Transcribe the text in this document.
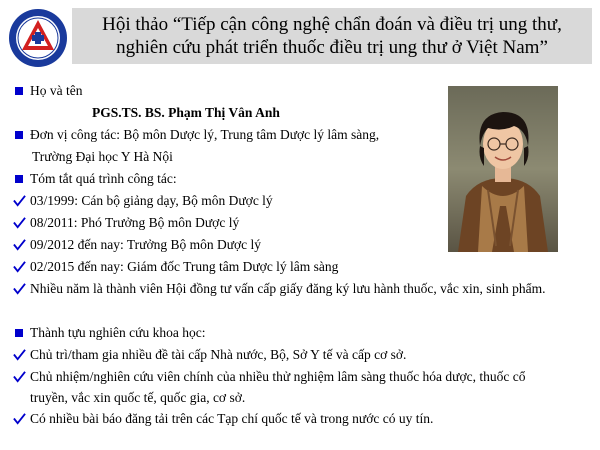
Hội thảo “Tiếp cận công nghệ chẩn đoán và điều trị ung thư,
nghiên cứu phát triển thuốc điều trị ung thư ở Việt Nam”
Họ và tên
PGS.TS. BS. Phạm Thị Vân Anh
Đơn vị công tác: Bộ môn Dược lý, Trung tâm Dược lý lâm sàng,
Trường Đại học Y Hà Nội
Tóm tắt quá trình công tác:
03/1999: Cán bộ giảng dạy, Bộ môn Dược lý
08/2011: Phó Trưởng Bộ môn Dược lý
09/2012 đến nay: Trưởng Bộ môn Dược lý
02/2015 đến nay: Giám đốc Trung tâm Dược lý lâm sàng
Nhiều năm là thành viên Hội đồng tư vấn cấp giấy đăng ký lưu hành thuốc, vắc xin, sinh phẩm.
Thành tựu nghiên cứu khoa học:
Chủ trì/tham gia nhiều đề tài cấp Nhà nước, Bộ, Sở Y tế và cấp cơ sở.
Chủ nhiệm/nghiên cứu viên chính của nhiều thử nghiệm lâm sàng thuốc hóa dược, thuốc cổ truyền, vắc xin quốc tế, quốc gia, cơ sở.
Có nhiều bài báo đăng tải trên các Tạp chí quốc tế và trong nước có uy tín.
